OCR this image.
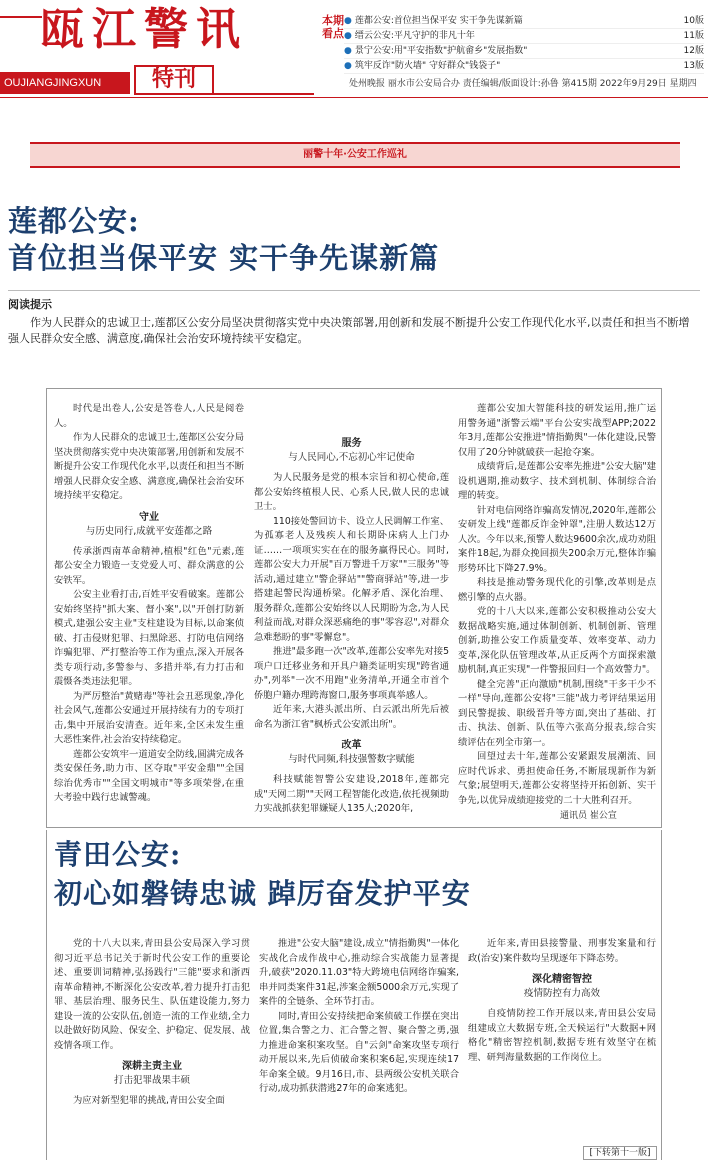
瓯江警讯
OUJIANGJINGXUN	特刊
本期看点
● 莲都公安:首位担当保平安 实干争先谋新篇	10版
● 缙云公安:平凡守护的非凡十年	11版
● 景宁公安:用"平安指数"护航畲乡"发展指数"	12版
● 筑牢反诈"防火墙" 守好群众"钱袋子"	13版
处州晚报 丽水市公安局合办 责任编辑/版面设计:孙鲁 第415期 2022年9月29日 星期四
丽警十年·公安工作巡礼
莲都公安:
首位担当保平安 实干争先谋新篇
阅读提示
作为人民群众的忠诚卫士,莲都区公安分局坚决贯彻落实党中央决策部署,用创新和发展不断提升公安工作现代化水平,以责任和担当不断增强人民群众安全感、满意度,确保社会治安环境持续平安稳定。

时代是出卷人,公安是答卷人,人民是阅卷人。

作为人民群众的忠诚卫士,莲都区公安分局坚决贯彻落实党中央决策部署,用创新和发展不断提升公安工作现代化水平,以责任和担当不断增强人民群众安全感、满意度,确保社会治安环境持续平安稳定。

守业
与历史同行,成就平安莲都之路

传承浙西南革命精神,植根"红色"元素,莲都公安全力锻造一支党爱人可、群众满意的公安铁军。

公安主业看打击,百姓平安看破案。莲都公安始终坚持"抓大案、督小案",以"开创打防新模式,建强公安主业"支柱建设为目标,以命案侦破、打击侵财犯罪、扫黑除恶、打防电信网络诈骗犯罪、严打整治等工作为重点,深入开展各类专项行动,多警参与、多措并举,有力打击和震慑各类违法犯罪。

为严厉整治"黄赌毒"等社会丑恶现象,净化社会风气,莲都公安通过开展持续有力的专项打击,集中开展治安清查。近年来,全区未发生重大恶性案件,社会治安持续稳定。

莲都公安筑牢一道道安全防线,圆满完成各类安保任务,助力市、区夺取"平安金鼎""全国综治优秀市""全国文明城市"等多项荣誉,在重大考验中践行忠诚警魂。

服务
与人民同心,不忘初心牢记使命

为人民服务是党的根本宗旨和初心使命,莲都公安始终植根人民、心系人民,做人民的忠诚卫士。

110接处警回访卡、设立人民调解工作室、为孤寡老人及残疾人和长期卧床病人上门办证……一项项实实在在的服务赢得民心。同时,莲都公安大力开展"百万警进千万家""三服务"等活动,通过建立"警企驿站""警商驿站"等,进一步搭建起警民沟通桥梁。化解矛盾、深化治理、服务群众,莲都公安始终以人民期盼为念,为人民利益而战,对群众深恶痛绝的事"零容忍",对群众急难愁盼的事"零懈怠"。

推进"最多跑一次"改革,莲都公安率先对接5项户口迁移业务和开具户籍类证明实现"跨省通办",列举"一次不用跑"业务清单,开通全市首个侨胞户籍办理跨海窗口,服务事项真举感人。

近年来,大港头派出所、白云派出所先后被命名为浙江省"枫桥式公安派出所"。

改革
与时代同频,科技强警数字赋能

科技赋能智警公安建设,2018年,莲都完成"天网二期""天网工程智能化改造,依托视频助力实战抓获犯罪嫌疑人135人;2020年,

莲都公安加大智能科技的研发运用,推广运用警务通"浙警云端"平台公安实战型APP;2022年3月,莲都公安推进"情指勤舆"一体化建设,民警仅用了20分钟就破获一起抢夺案。

成绩背后,是莲都公安率先推进"公安大脑"建设机遇期,推动数字、技术到机制、体制综合治理的转变。

针对电信网络诈骗高发情况,2020年,莲都公安研发上线"莲都反诈金钟罩",注册人数达12万人次。今年以来,预警人数达9600余次,成功劝阻案件18起,为群众挽回损失200余万元,整体诈骗形势环比下降27.9%。

科技是推动警务现代化的引擎,改革则是点燃引擎的点火器。

党的十八大以来,莲都公安积极推动公安大数据战略实施,通过体制创新、机制创新、管理创新,助推公安工作质量变革、效率变革、动力变革,深化队伍管理改革,从正反两个方面探索激励机制,真正实现"一件警报回归一个高效警力"。

健全完善"正向激励"机制,围绕"干多干少不一样"导向,莲都公安将"三能"战力考评结果运用到民警提拔、职级晋升等方面,突出了基础、打击、执法、创新、队伍等六张高分报表,综合实绩评估在列全市第一。

回望过去十年,莲都公安紧跟发展潮流、回应时代诉求、勇担使命任务,不断展现新作为新气象;展望明天,莲都公安将坚持开拓创新、实干争先,以优异成绩迎接党的二十大胜利召开。

通讯员 崔公宣
青田公安:
初心如磐铸忠诚 踔厉奋发护平安

党的十八大以来,青田县公安局深入学习贯彻习近平总书记关于新时代公安工作的重要论述、重要训词精神,弘扬践行"三能"要求和浙西南革命精神,不断深化公安改革,着力提升打击犯罪、基层治理、服务民生、队伍建设能力,努力建设一流的公安队伍,创造一流的工作业绩,全力以赴做好防风险、保安全、护稳定、促发展、战疫情各项工作。

深耕主责主业
打击犯罪战果丰硕

为应对新型犯罪的挑战,青田公安全面

推进"公安大脑"建设,成立"情指勤舆"一体化实战化合成作战中心,推动综合实战能力显著提升,破获"2020.11.03"特大跨境电信网络诈骗案,串并同类案件31起,涉案金额5000余万元,实现了案件的全链条、全环节打击。

同时,青田公安持续把命案侦破工作摆在突出位置,集合警之力、汇合警之智、聚合警之勇,强力推进命案积案攻坚。自"云剑"命案攻坚专项行动开展以来,先后侦破命案积案6起,实现连续17年命案全破。9月16日,市、县两级公安机关联合行动,成功抓获潜逃27年的命案逃犯。

近年来,青田县接警量、刑事发案量和行政(治安)案件数均呈现逐年下降态势。

深化精密智控
疫情防控有力高效

自疫情防控工作开展以来,青田县公安局组建成立大数据专班,全天候运行"大数据+网格化"精密智控机制,数据专班有效坚守在梳理、研判海量数据的工作岗位上。

[下转第十一版]
